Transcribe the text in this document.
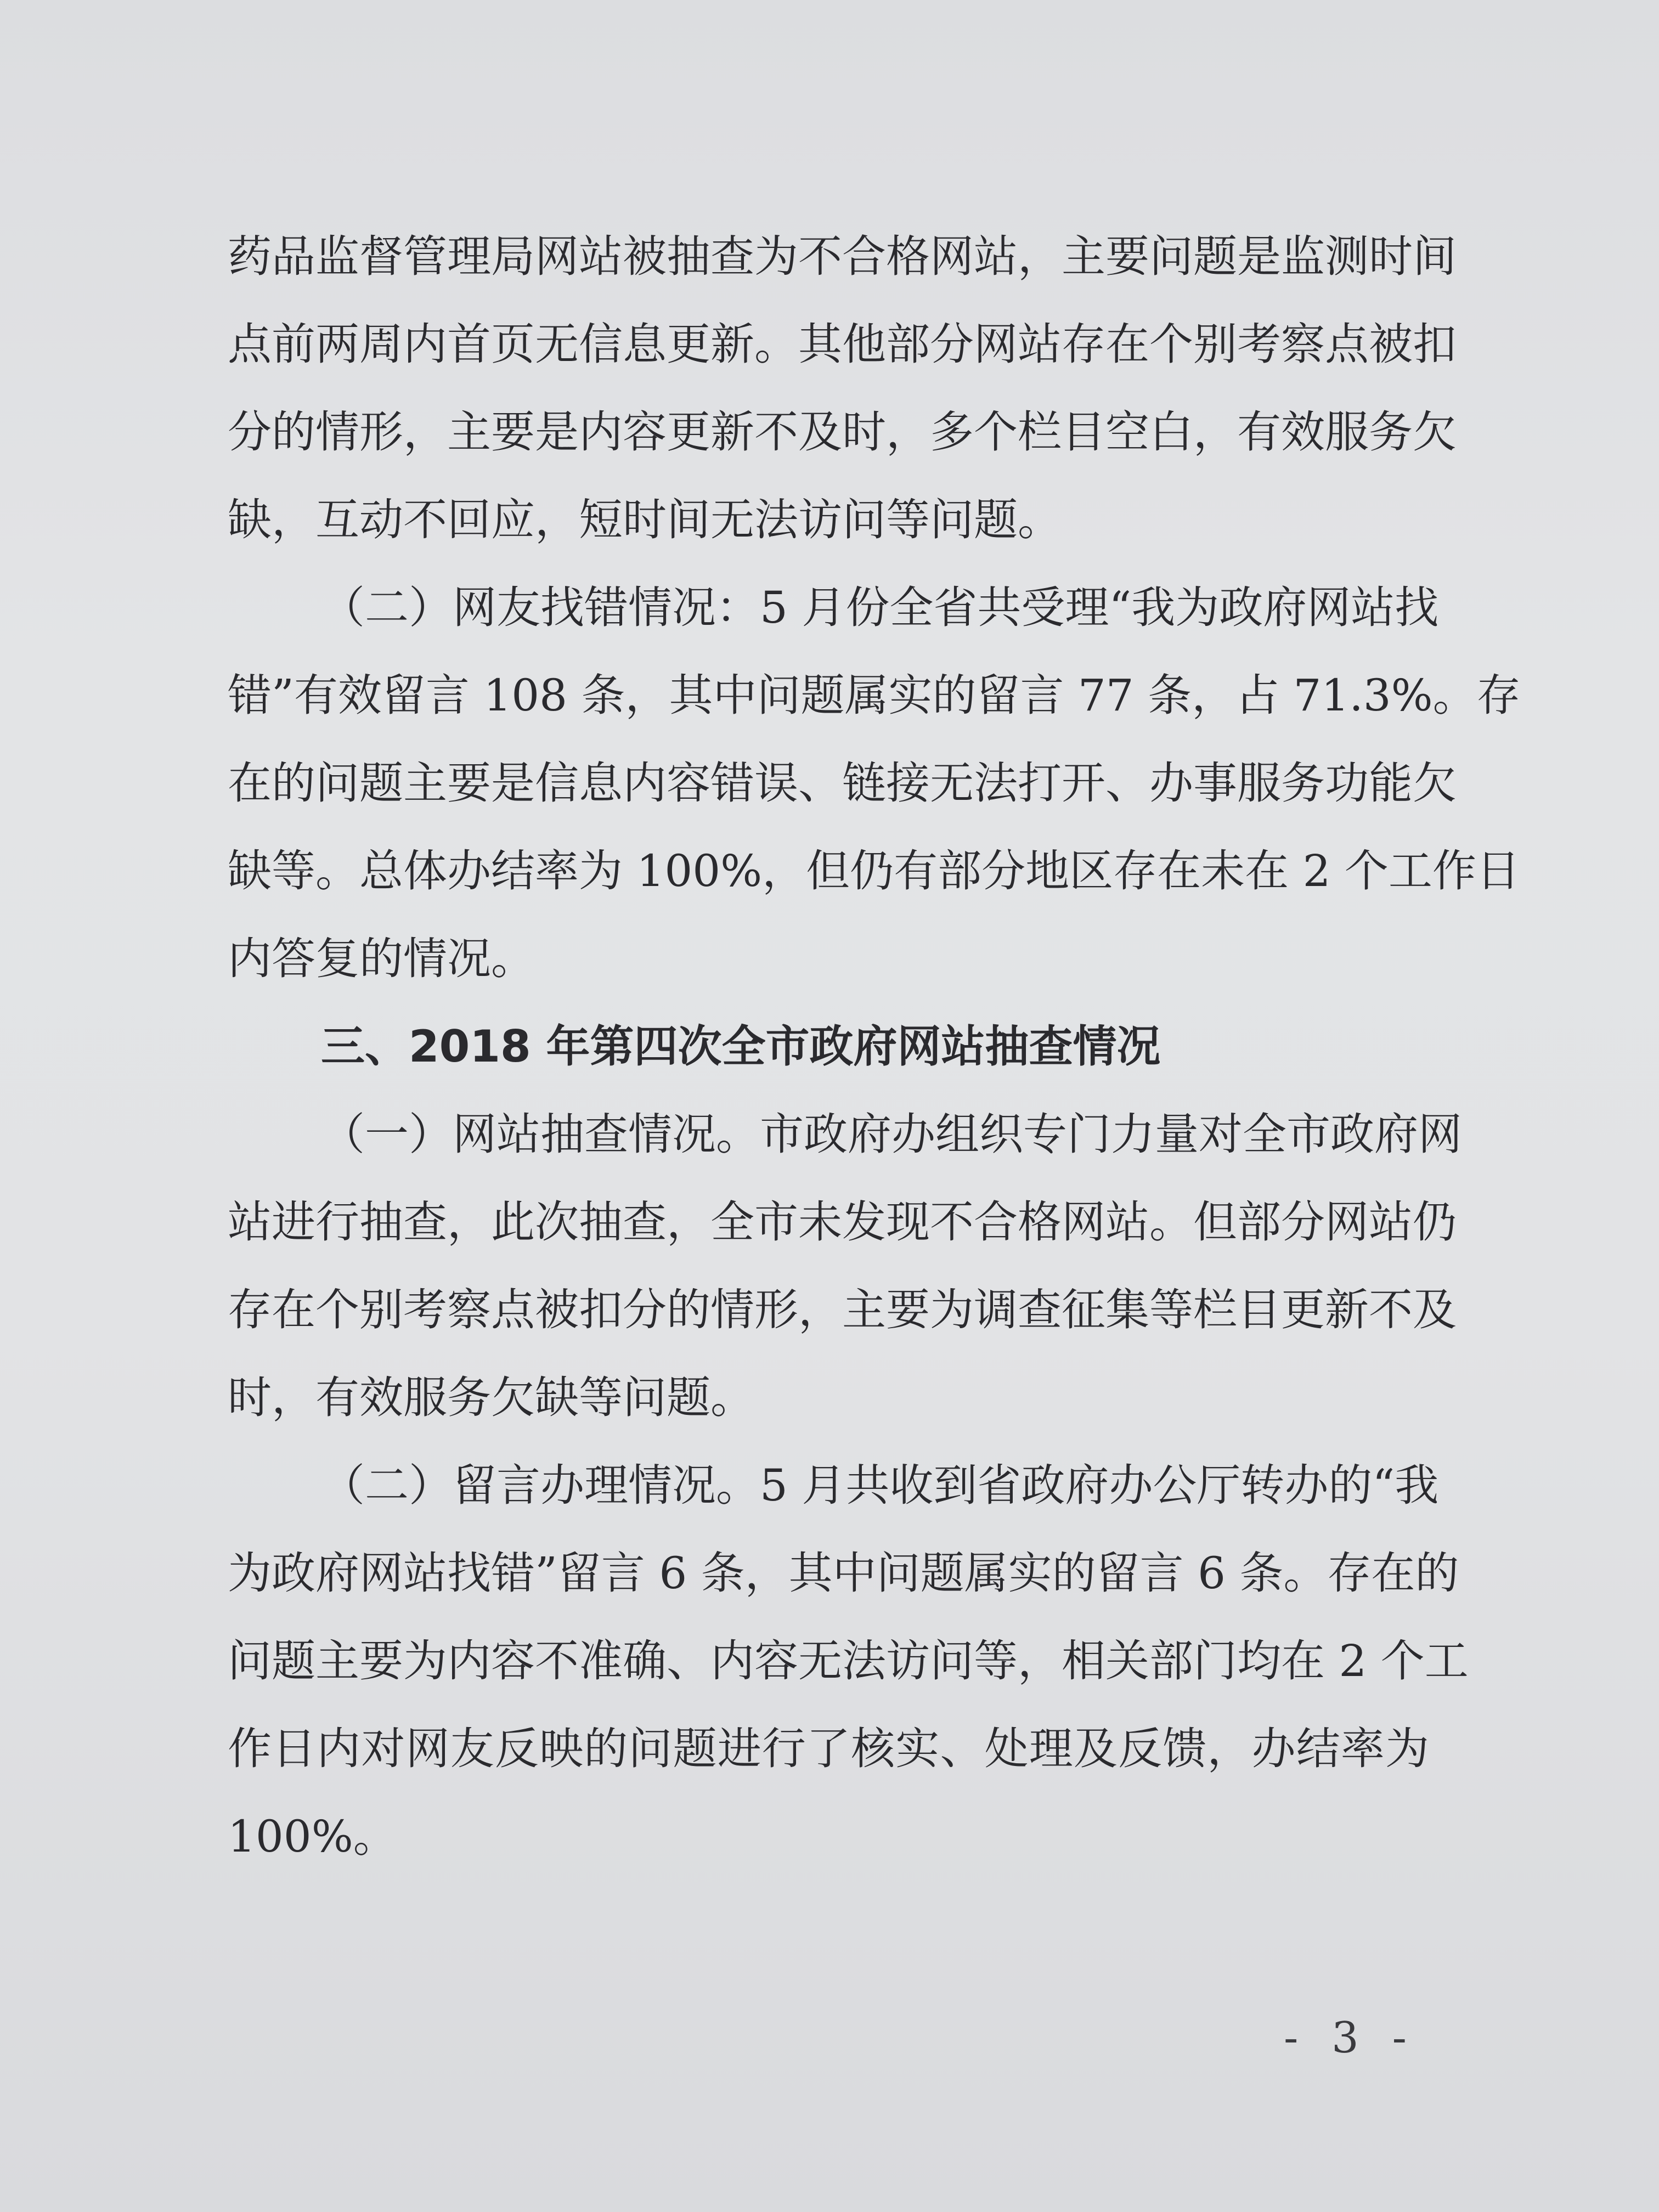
药品监督管理局网站被抽查为不合格网站，主要问题是监测时间
点前两周内首页无信息更新。其他部分网站存在个别考察点被扣
分的情形，主要是内容更新不及时，多个栏目空白，有效服务欠
缺，互动不回应，短时间无法访问等问题。
（二）网友找错情况：5 月份全省共受理“我为政府网站找
错”有效留言 108 条，其中问题属实的留言 77 条，占 71.3%。存
在的问题主要是信息内容错误、链接无法打开、办事服务功能欠
缺等。总体办结率为 100%，但仍有部分地区存在未在 2 个工作日
内答复的情况。
三、2018 年第四次全市政府网站抽查情况
（一）网站抽查情况。市政府办组织专门力量对全市政府网
站进行抽查，此次抽查，全市未发现不合格网站。但部分网站仍
存在个别考察点被扣分的情形，主要为调查征集等栏目更新不及
时，有效服务欠缺等问题。
（二）留言办理情况。5 月共收到省政府办公厅转办的“我
为政府网站找错”留言 6 条，其中问题属实的留言 6 条。存在的
问题主要为内容不准确、内容无法访问等，相关部门均在 2 个工
作日内对网友反映的问题进行了核实、处理及反馈，办结率为
100%。
- 3 -
